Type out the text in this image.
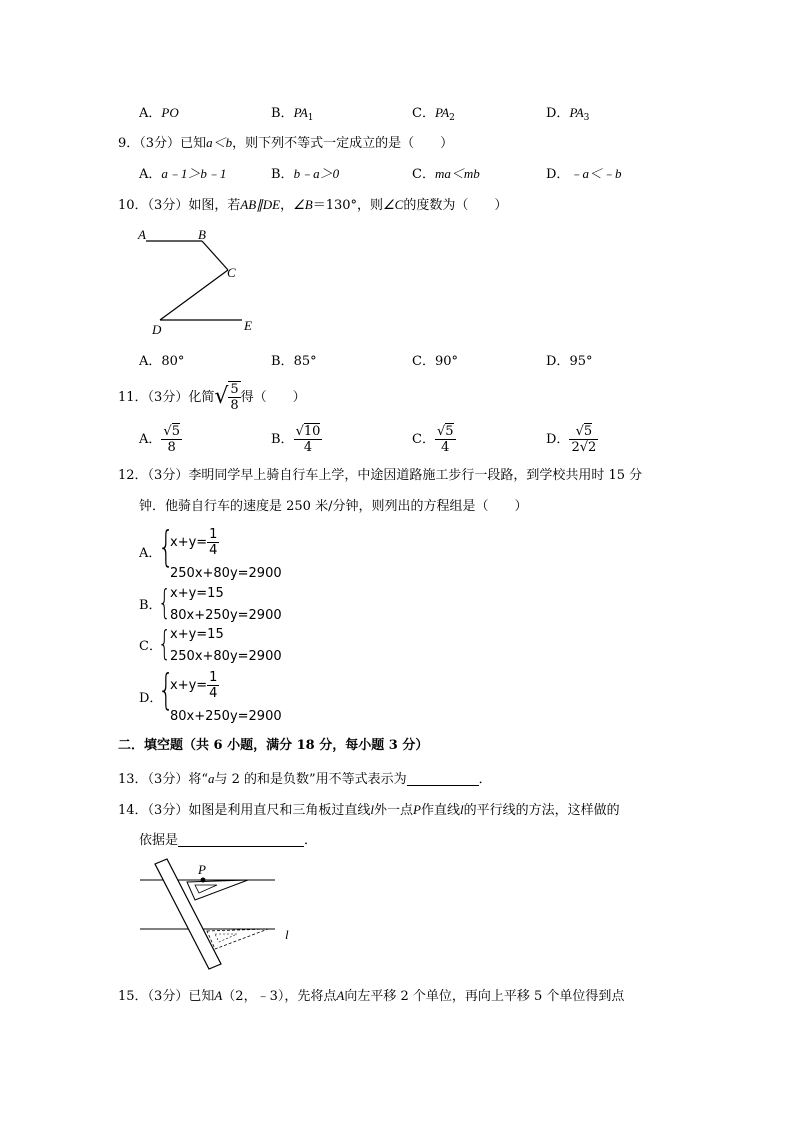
A．PO	B．$PA_1$	C．$PA_2$	D．$PA_3$
9．（3分）已知a＜b，则下列不等式一定成立的是（　　）
A．a﹣1＞b﹣1	B．b﹣a＞0	C．ma＜mb	D．﹣a＜﹣b
10．（3分）如图，若AB∥DE，∠B＝130°，则∠C的度数为（　　）
A	B
C
D	E
A．80°	B．85°	C．90°	D．95°
11．（3分）化简√ $\frac{5}{8}$ 得（　　）
A． $\frac{√5}{8}$	B． $\frac{√10}{4}$	C． $\frac{√5}{4}$	D． $\frac{√5}{2√2}$
12．（3分）李明同学早上骑自行车上学，中途因道路施工步行一段路，到学校共用时 15 分
钟．他骑自行车的速度是 250 米/分钟，则列出的方程组是（　　）
A．
{
$x+y= \frac{1}{4}$
250x+80y=2900
B．
{ x+y=15
80x+250y=2900
C．
{ x+y=15
250x+80y=2900
D．
{
$x+y= \frac{1}{4}$
80x+250y=2900
二．填空题（共 6 小题，满分 18 分，每小题 3 分）
13．（3分）将“a与 2 的和是负数”用不等式表示为	．
14．（3分）如图是利用直尺和三角板过直线l外一点P作直线l的平行线的方法，这样做的
依据是	．
P
l
15．（3分）已知A（2，﹣3），先将点A向左平移 2 个单位，再向上平移 5 个单位得到点
